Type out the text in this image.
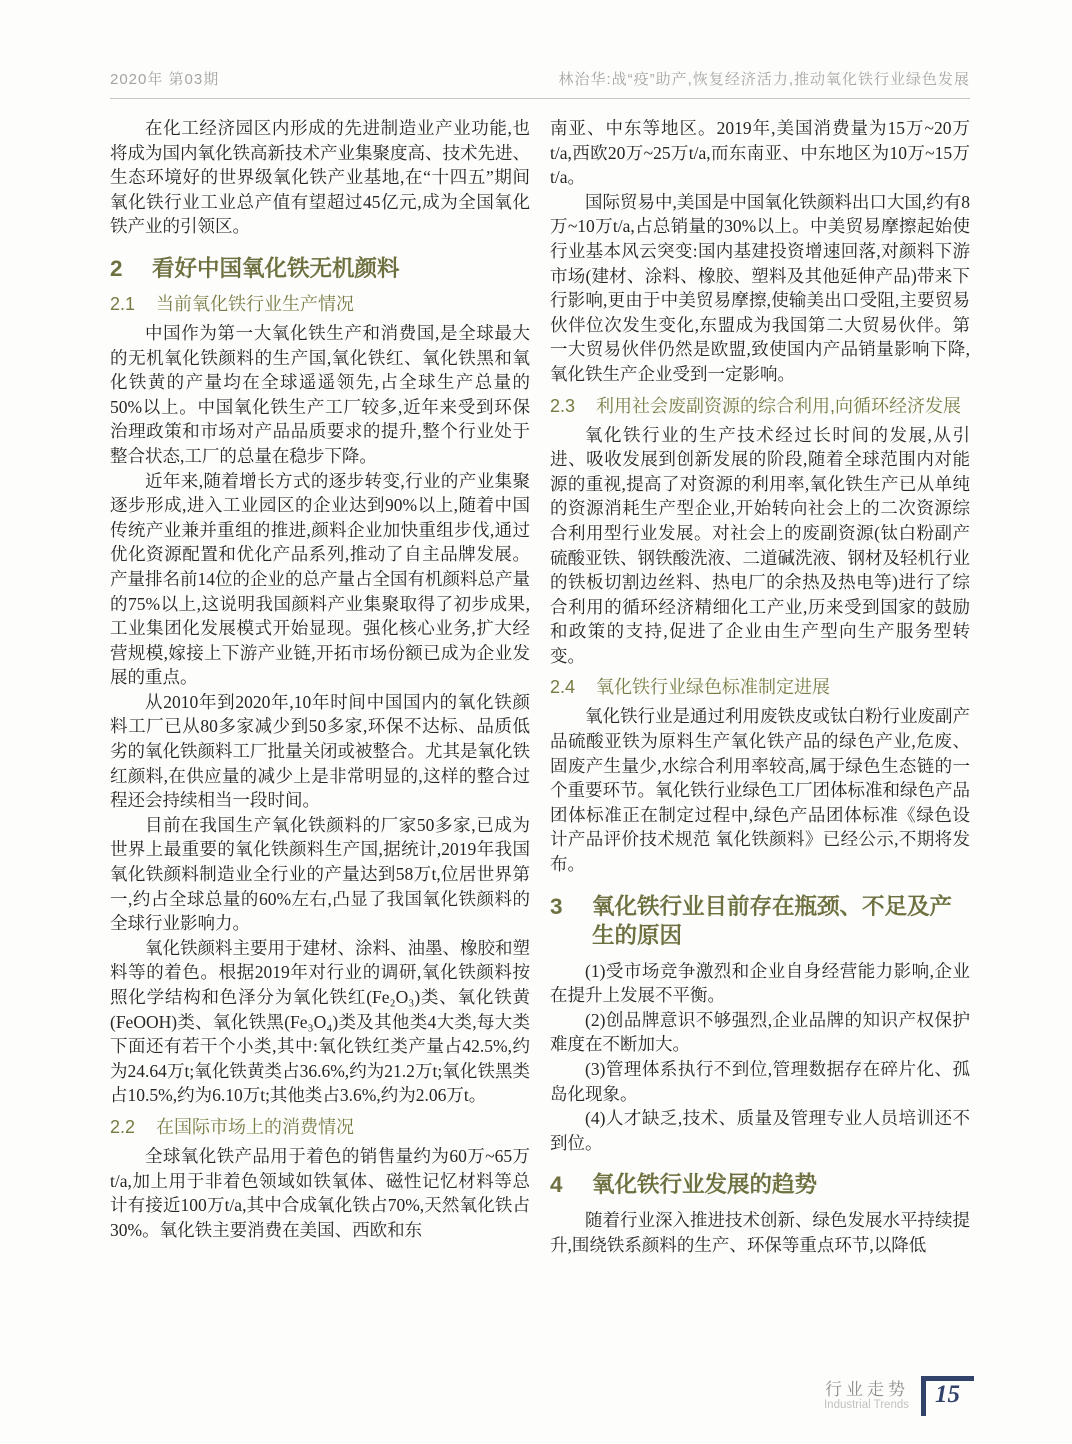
2020年 第03期	林治华:战“疫”助产,恢复经济活力,推动氧化铁行业绿色发展

在化工经济园区内形成的先进制造业产业功能,也将成为国内氧化铁高新技术产业集聚度高、技术先进、生态环境好的世界级氧化铁产业基地,在“十四五”期间氧化铁行业工业总产值有望超过45亿元,成为全国氧化铁产业的引领区。

2	看好中国氧化铁无机颜料
2.1	当前氧化铁行业生产情况

中国作为第一大氧化铁生产和消费国,是全球最大的无机氧化铁颜料的生产国,氧化铁红、氧化铁黑和氧化铁黄的产量均在全球遥遥领先,占全球生产总量的50%以上。中国氧化铁生产工厂较多,近年来受到环保治理政策和市场对产品品质要求的提升,整个行业处于整合状态,工厂的总量在稳步下降。

近年来,随着增长方式的逐步转变,行业的产业集聚逐步形成,进入工业园区的企业达到90%以上,随着中国传统产业兼并重组的推进,颜料企业加快重组步伐,通过优化资源配置和优化产品系列,推动了自主品牌发展。产量排名前14位的企业的总产量占全国有机颜料总产量的75%以上,这说明我国颜料产业集聚取得了初步成果,工业集团化发展模式开始显现。强化核心业务,扩大经营规模,嫁接上下游产业链,开拓市场份额已成为企业发展的重点。

从2010年到2020年,10年时间中国国内的氧化铁颜料工厂已从80多家减少到50多家,环保不达标、品质低劣的氧化铁颜料工厂批量关闭或被整合。尤其是氧化铁红颜料,在供应量的减少上是非常明显的,这样的整合过程还会持续相当一段时间。

目前在我国生产氧化铁颜料的厂家50多家,已成为世界上最重要的氧化铁颜料生产国,据统计,2019年我国氧化铁颜料制造业全行业的产量达到58万t,位居世界第一,约占全球总量的60%左右,凸显了我国氧化铁颜料的全球行业影响力。

氧化铁颜料主要用于建材、涂料、油墨、橡胶和塑料等的着色。根据2019年对行业的调研,氧化铁颜料按照化学结构和色泽分为氧化铁红(Fe₂O₃)类、氧化铁黄(FeOOH)类、氧化铁黑(Fe₃O₄)类及其他类4大类,每大类下面还有若干个小类,其中:氧化铁红类产量占42.5%,约为24.64万t;氧化铁黄类占36.6%,约为21.2万t;氧化铁黑类占10.5%,约为6.10万t;其他类占3.6%,约为2.06万t。

2.2	在国际市场上的消费情况

全球氧化铁产品用于着色的销售量约为60万~65万t/a,加上用于非着色领域如铁氧体、磁性记忆材料等总计有接近100万t/a,其中合成氧化铁占70%,天然氧化铁占30%。氧化铁主要消费在美国、西欧和东

南亚、中东等地区。2019年,美国消费量为15万~20万t/a,西欧20万~25万t/a,而东南亚、中东地区为10万~15万t/a。

国际贸易中,美国是中国氧化铁颜料出口大国,约有8万~10万t/a,占总销量的30%以上。中美贸易摩擦起始使行业基本风云突变:国内基建投资增速回落,对颜料下游市场(建材、涂料、橡胶、塑料及其他延伸产品)带来下行影响,更由于中美贸易摩擦,使输美出口受阻,主要贸易伙伴位次发生变化,东盟成为我国第二大贸易伙伴。第一大贸易伙伴仍然是欧盟,致使国内产品销量影响下降,氧化铁生产企业受到一定影响。

2.3	利用社会废副资源的综合利用,向循环经济发展

氧化铁行业的生产技术经过长时间的发展,从引进、吸收发展到创新发展的阶段,随着全球范围内对能源的重视,提高了对资源的利用率,氧化铁生产已从单纯的资源消耗生产型企业,开始转向社会上的二次资源综合利用型行业发展。对社会上的废副资源(钛白粉副产硫酸亚铁、钢铁酸洗液、二道碱洗液、钢材及轻机行业的铁板切割边丝料、热电厂的余热及热电等)进行了综合利用的循环经济精细化工产业,历来受到国家的鼓励和政策的支持,促进了企业由生产型向生产服务型转变。

2.4	氧化铁行业绿色标准制定进展

氧化铁行业是通过利用废铁皮或钛白粉行业废副产品硫酸亚铁为原料生产氧化铁产品的绿色产业,危废、固废产生量少,水综合利用率较高,属于绿色生态链的一个重要环节。氧化铁行业绿色工厂团体标准和绿色产品团体标准正在制定过程中,绿色产品团体标准《绿色设计产品评价技术规范 氧化铁颜料》已经公示,不期将发布。

3	氧化铁行业目前存在瓶颈、不足及产生的原因

(1)受市场竞争激烈和企业自身经营能力影响,企业在提升上发展不平衡。

(2)创品牌意识不够强烈,企业品牌的知识产权保护难度在不断加大。

(3)管理体系执行不到位,管理数据存在碎片化、孤岛化现象。

(4)人才缺乏,技术、质量及管理专业人员培训还不到位。

4	氧化铁行业发展的趋势

随着行业深入推进技术创新、绿色发展水平持续提升,围绕铁系颜料的生产、环保等重点环节,以降低

行业走势
Industrial Trends	15
